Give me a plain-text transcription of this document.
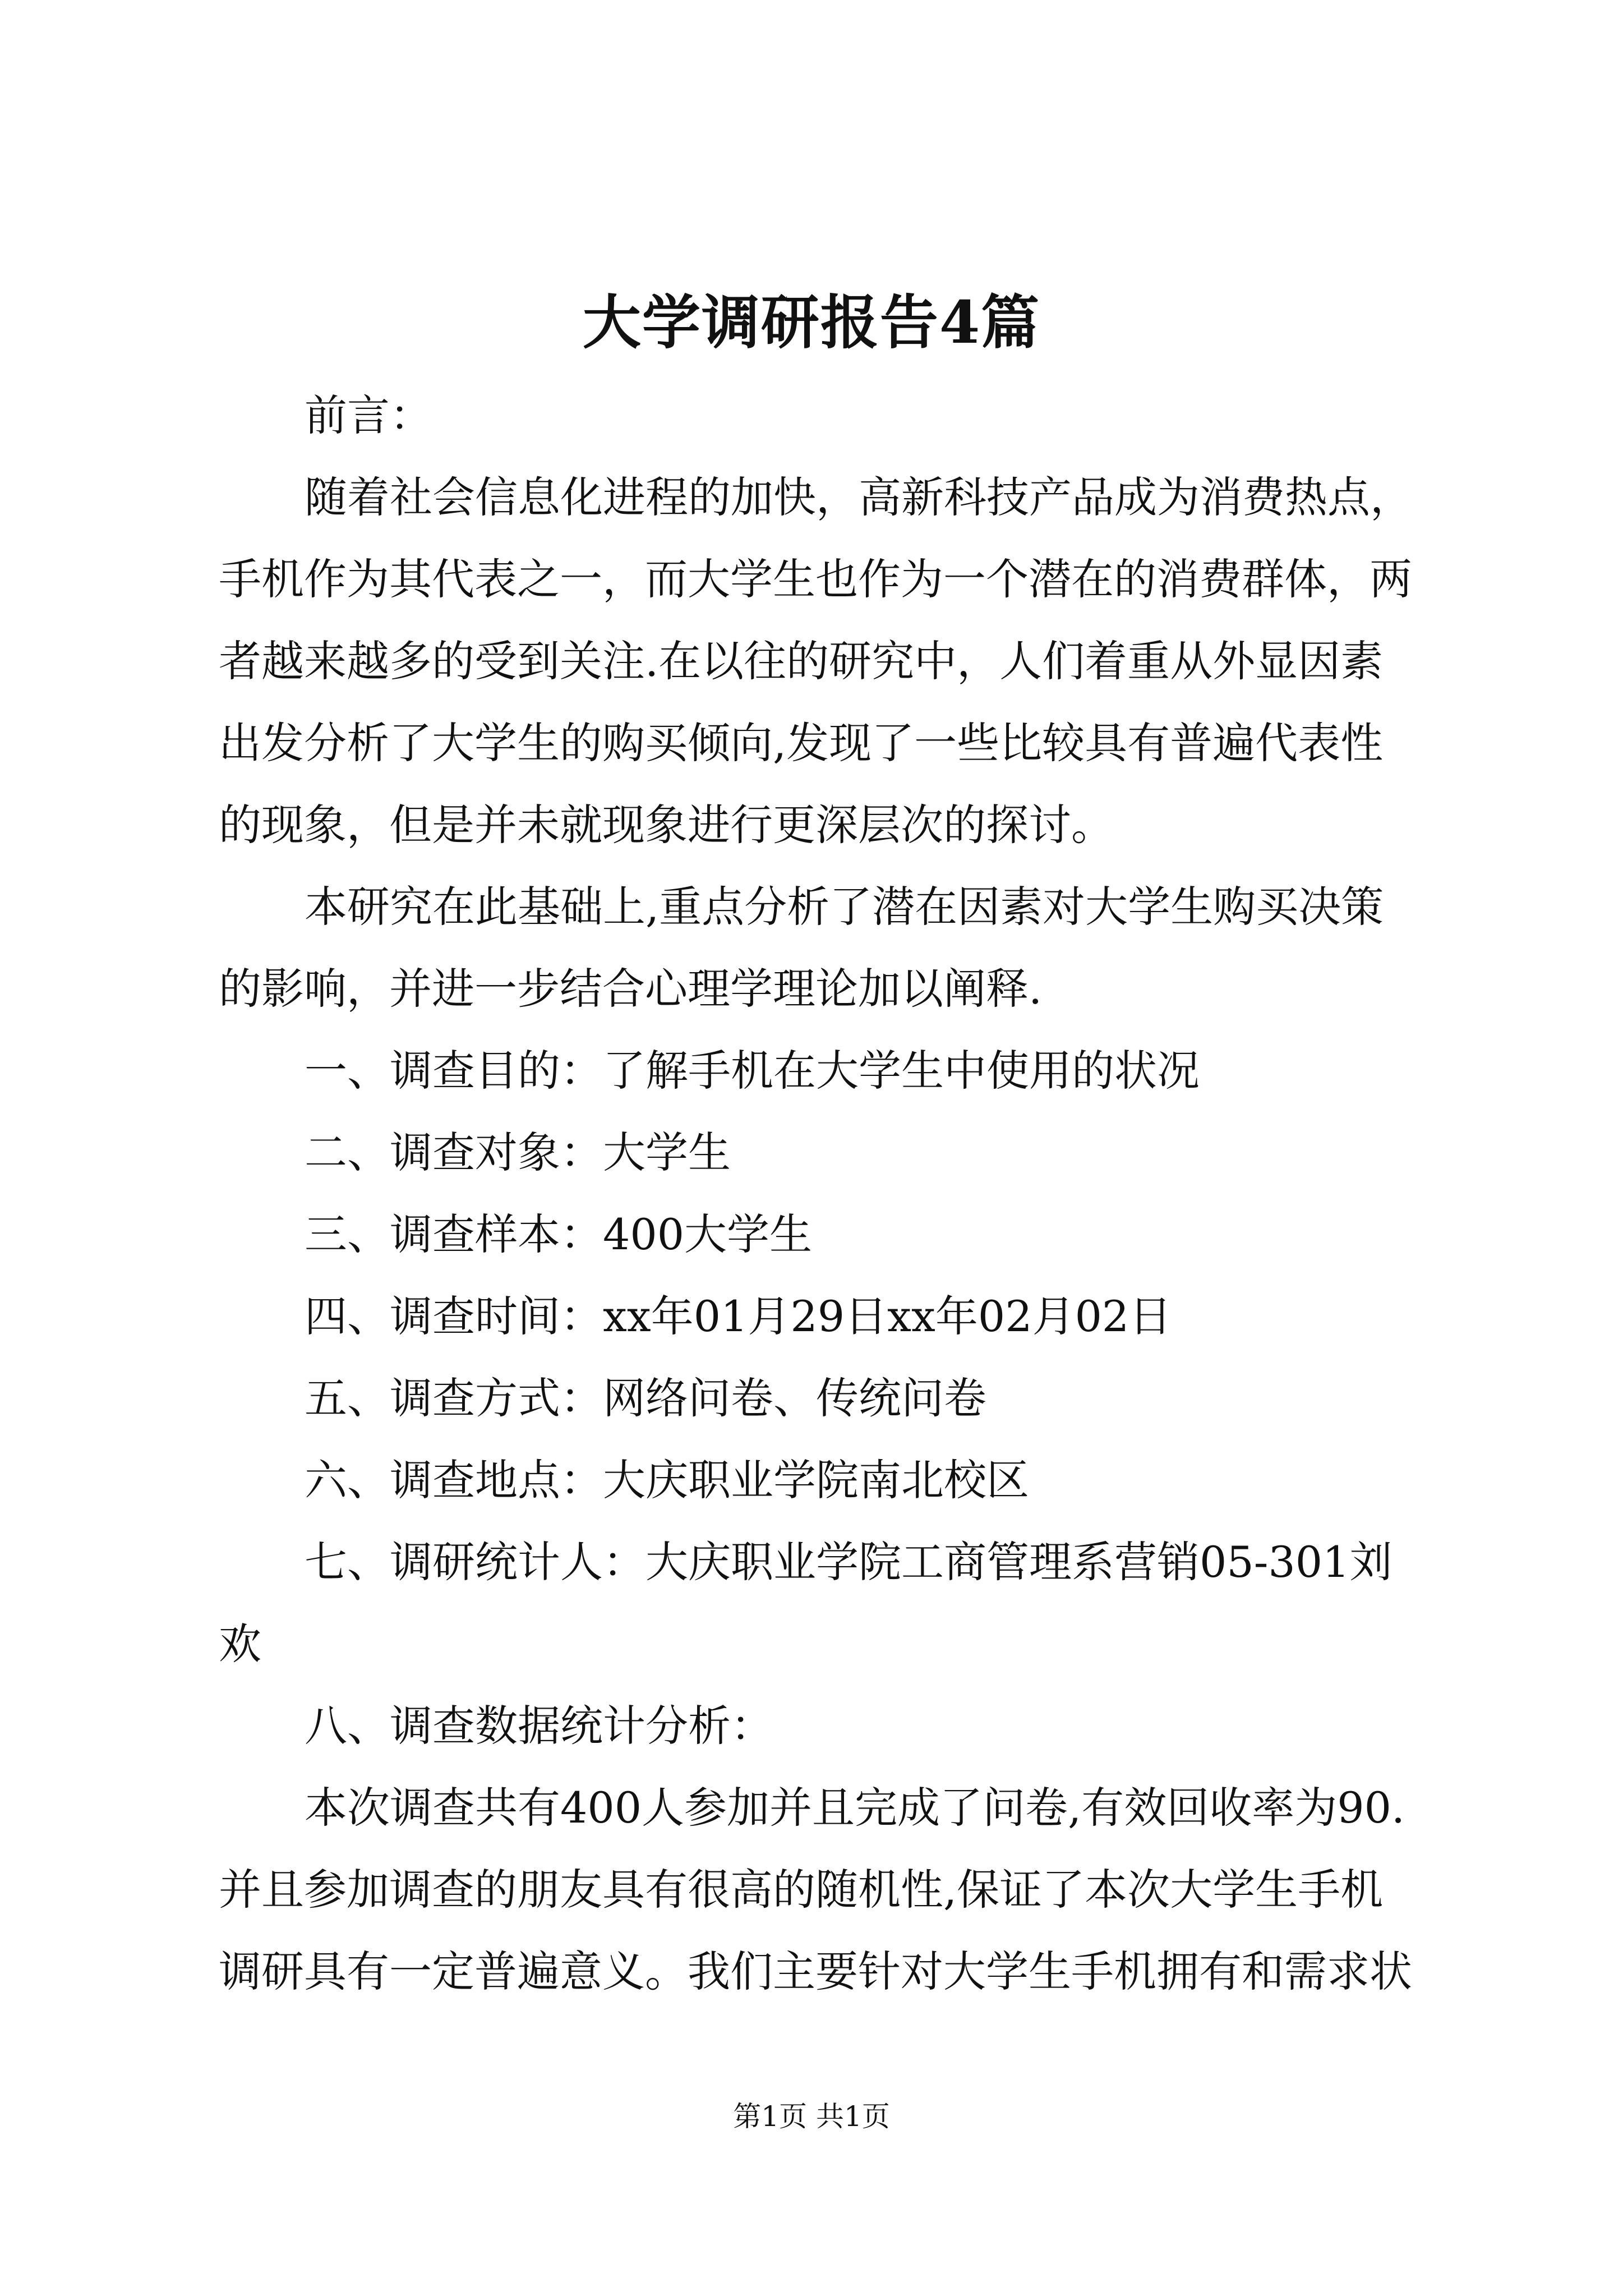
大学调研报告4篇

前言：

随着社会信息化进程的加快，高新科技产品成为消费热点，手机作为其代表之一，而大学生也作为一个潜在的消费群体，两者越来越多的受到关注.在以往的研究中，人们着重从外显因素出发分析了大学生的购买倾向,发现了一些比较具有普遍代表性的现象，但是并未就现象进行更深层次的探讨。

本研究在此基础上,重点分析了潜在因素对大学生购买决策的影响，并进一步结合心理学理论加以阐释.

一、调查目的：了解手机在大学生中使用的状况

二、调查对象：大学生

三、调查样本：400大学生

四、调查时间：xx年01月29日xx年02月02日

五、调查方式：网络问卷、传统问卷

六、调查地点：大庆职业学院南北校区

七、调研统计人：大庆职业学院工商管理系营销05-301刘欢

八、调查数据统计分析：

本次调查共有400人参加并且完成了问卷,有效回收率为90.并且参加调查的朋友具有很高的随机性,保证了本次大学生手机调研具有一定普遍意义。我们主要针对大学生手机拥有和需求状

第1页 共1页
